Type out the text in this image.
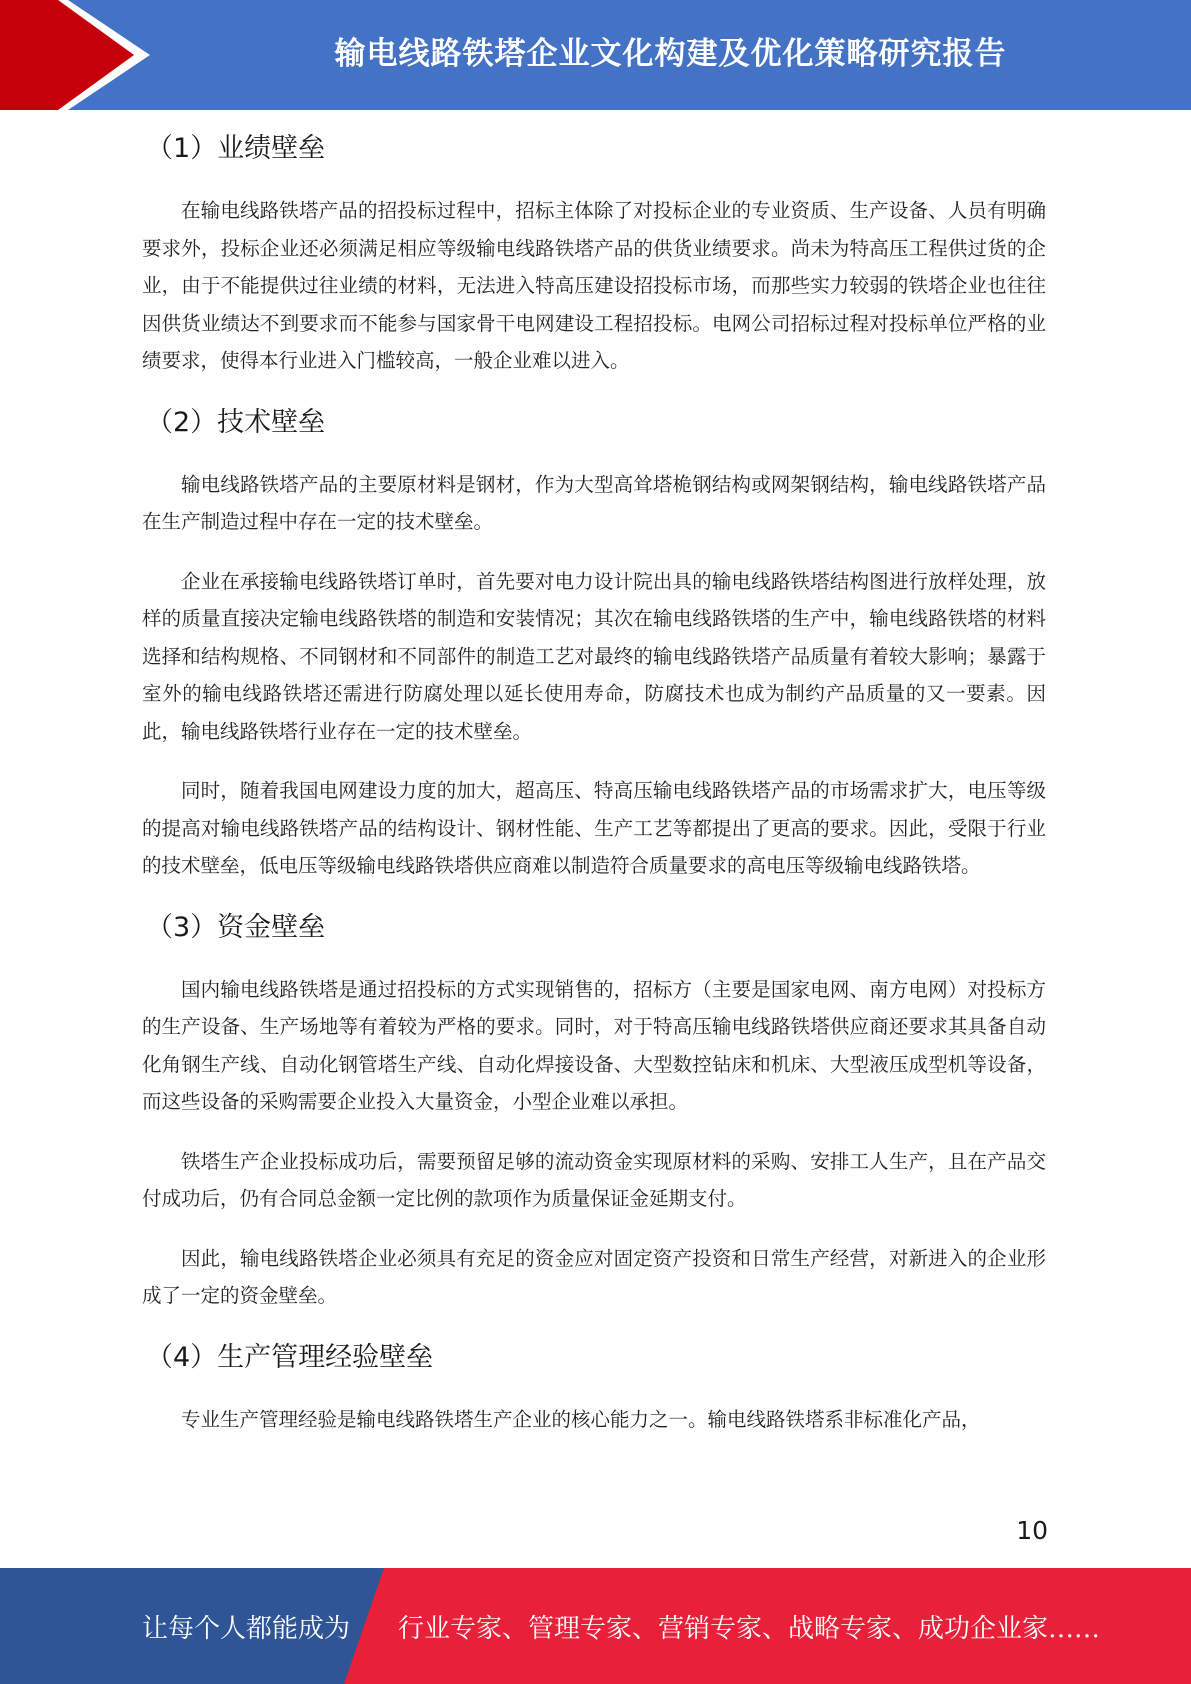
输电线路铁塔企业文化构建及优化策略研究报告
（1）业绩壁垒

在输电线路铁塔产品的招投标过程中，招标主体除了对投标企业的专业资质、生产设备、人员有明确要求外，投标企业还必须满足相应等级输电线路铁塔产品的供货业绩要求。尚未为特高压工程供过货的企业，由于不能提供过往业绩的材料，无法进入特高压建设招投标市场，而那些实力较弱的铁塔企业也往往因供货业绩达不到要求而不能参与国家骨干电网建设工程招投标。电网公司招标过程对投标单位严格的业绩要求，使得本行业进入门槛较高，一般企业难以进入。

（2）技术壁垒

输电线路铁塔产品的主要原材料是钢材，作为大型高耸塔桅钢结构或网架钢结构，输电线路铁塔产品在生产制造过程中存在一定的技术壁垒。

企业在承接输电线路铁塔订单时，首先要对电力设计院出具的输电线路铁塔结构图进行放样处理，放样的质量直接决定输电线路铁塔的制造和安装情况；其次在输电线路铁塔的生产中，输电线路铁塔的材料选择和结构规格、不同钢材和不同部件的制造工艺对最终的输电线路铁塔产品质量有着较大影响；暴露于室外的输电线路铁塔还需进行防腐处理以延长使用寿命，防腐技术也成为制约产品质量的又一要素。因此，输电线路铁塔行业存在一定的技术壁垒。

同时，随着我国电网建设力度的加大，超高压、特高压输电线路铁塔产品的市场需求扩大，电压等级的提高对输电线路铁塔产品的结构设计、钢材性能、生产工艺等都提出了更高的要求。因此，受限于行业的技术壁垒，低电压等级输电线路铁塔供应商难以制造符合质量要求的高电压等级输电线路铁塔。

（3）资金壁垒

国内输电线路铁塔是通过招投标的方式实现销售的，招标方（主要是国家电网、南方电网）对投标方的生产设备、生产场地等有着较为严格的要求。同时，对于特高压输电线路铁塔供应商还要求其具备自动化角钢生产线、自动化钢管塔生产线、自动化焊接设备、大型数控钻床和机床、大型液压成型机等设备，而这些设备的采购需要企业投入大量资金，小型企业难以承担。

铁塔生产企业投标成功后，需要预留足够的流动资金实现原材料的采购、安排工人生产，且在产品交付成功后，仍有合同总金额一定比例的款项作为质量保证金延期支付。

因此，输电线路铁塔企业必须具有充足的资金应对固定资产投资和日常生产经营，对新进入的企业形成了一定的资金壁垒。

（4）生产管理经验壁垒

专业生产管理经验是输电线路铁塔生产企业的核心能力之一。输电线路铁塔系非标准化产品，

10
让每个人都能成为 行业专家、管理专家、营销专家、战略专家、成功企业家……
